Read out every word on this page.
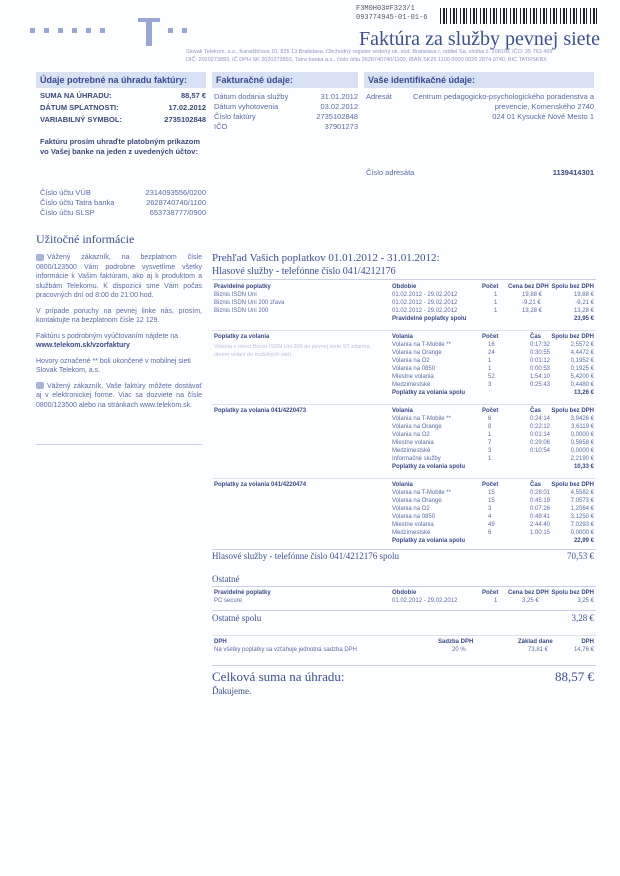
F3M0H03#F323/1
093774945-01-01-6
Faktúra za služby pevnej siete
Slovak Telekom, a.s., Karadžičova 10, 825 13 Bratislava. Obchodný register vedený ok. súd. Bratislava I, oddiel Sa, vložka č. 2081/B, IČO: 35 763 469
DIČ: 2020273893, IČ DPH SK 2020273893, Tatra banka a.s., číslo účtu 2628740740/1100, IBAN SK26 1100 0000 0026 2874 0740, BIC TATRSKBX
Údaje potrebné na úhradu faktúry:
SUMA NA ÚHRADU:	88,57 €
DÁTUM SPLATNOSTI:	17.02.2012
VARIABILNÝ SYMBOL:	2735102848
Faktúru prosím uhraďte platobným príkazom vo Vašej banke na jeden z uvedených účtov:
Číslo účtu VÚB	2314093556/0200
Číslo účtu Tatra banka	2628740740/1100
Číslo účtu SLSP	653738777/0900
Fakturačné údaje:
Dátum dodania služby	31.01.2012
Dátum vyhotovenia	03.02.2012
Číslo faktúry	2735102848
IČO	37901273
Vaše identifikačné údaje:
Adresát	Centrum pedagogicko-psychologického poradenstva a
prevencie, Komenského 2740
024 01 Kysucké Nové Mesto 1
Číslo adresáta	1139414301
Užitočné informácie
Vážený zákazník, na bezplatnom čísle 0800/123500 Vám podrobne vysvetlíme všetky informácie k Vašim faktúram, ako aj k produktom a službám Telekomu. K dispozícii sme Vám počas pracovných dní od 8:00 do 21:00 hod.
V prípade poruchy na pevnej linke nás, prosím, kontaktujte na bezplatnom čísle 12 129.
Faktúru s podrobným vyúčtovaním nájdete na
www.telekom.sk/vzorfaktury
Hovory označené ** boli ukončené v mobilnej sieti Slovak Telekom, a.s.
Vážený zákazník, Vaše faktúry môžete dostávať aj v elektronickej forme. Viac sa dozviete na čísle 0800/123500 alebo na stránkach www.telekom.sk.
Prehľad Vašich poplatkov 01.01.2012 - 31.01.2012:
Hlasové služby - telefónne číslo 041/4212176
Pravidelné poplatky	Obdobie	Počet Cena bez DPH Spolu bez DPH
Biznis ISDN Uni	01.02.2012 - 29.02.2012	1	19,88 €	19,88 €
Biznis ISDN Uni 200 zľava	01.02.2012 - 29.02.2012	1	-9,21 €	-9,21 €
Biznis ISDN Uni 200	01.02.2012 - 29.02.2012	1	13,28 €	13,28 €
Pravidelné poplatky spolu	23,95 €
Poplatky za volania	Volania	Počet	Čas Spolu bez DPH
Volania v rámci Biznis ISDN Uni 200 do pevnej siete ST zdarma, okrem volaní do mobilných sietí.
Volania na T-Mobile **	16	0:17:32	2,5572 €
Volania na Orange	24	0:30:55	4,4472 €
Volania na O2	1	0:01:12	0,1952 €
Volania na 0850	1	0:00:53	0,1925 €
Miestne volania	52	1:54:10	5,4200 €
Medzimestské	3	0:25:43	0,4480 €
Poplatky za volania spolu	13,26 €
Poplatky za volania 041/4220473	Volania	Počet	Čas Spolu bez DPH
Volania na T-Mobile **	6	0:24:14	3,9426 €
Volania na Orange	8	0:22:12	3,6119 €
Volania na O2	1	0:01:14	0,0000 €
Miestne volania	7	0:29:06	0,5658 €
Medzimestské	3	0:10:54	0,0000 €
Informačné služby	1	2,2190 €
Poplatky za volania spolu	10,33 €
Poplatky za volania 041/4220474	Volania	Počet	Čas Spolu bez DPH
Volania na T-Mobile **	15	0:28:01	4,5582 €
Volania na Orange	15	0:45:19	7,0573 €
Volania na O2	3	0:07:26	1,2064 €
Volania na 0850	4	0:49:41	3,1250 €
Miestne volania	49	2:44:40	7,0293 €
Medzimestské	6	1:00:15	0,0000 €
Poplatky za volania spolu	22,99 €
Hlasové služby - telefónne číslo 041/4212176 spolu	70,53 €
Ostatné
Pravidelné poplatky	Obdobie	Počet Cena bez DPH Spolu bez DPH
PC secure	01.02.2012 - 29.02.2012	1	3,25 €	3,25 €
Ostatné spolu	3,28 €
DPH	Sadzba DPH	Základ dane	DPH
Na všetky poplatky sa vzťahuje jednotná sadzba DPH	20 %	73,81 €	14,76 €
Celková suma na úhradu:	88,57 €
Ďakujeme.
